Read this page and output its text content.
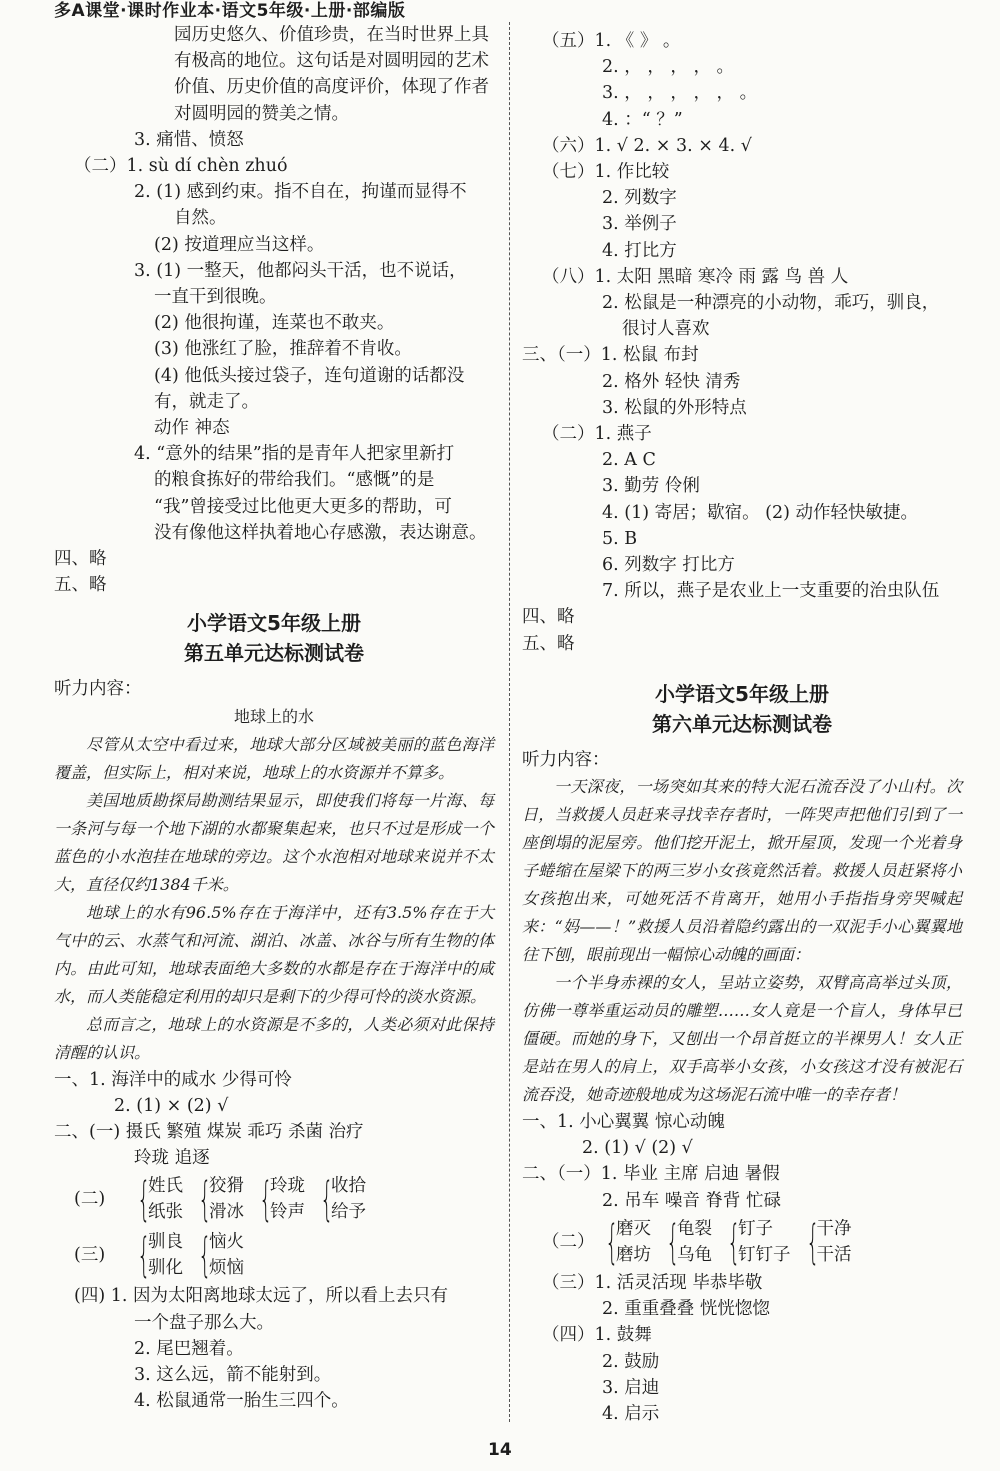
多A课堂·课时作业本·语文5年级·上册·部编版
园历史悠久、价值珍贵，在当时世界上具
有极高的地位。这句话是对圆明园的艺术
价值、历史价值的高度评价，体现了作者
对圆明园的赞美之情。
3. 痛惜、愤怒
（二）1. sù dí chèn zhuó
2. (1) 感到约束。指不自在，拘谨而显得不
自然。
(2) 按道理应当这样。
3. (1) 一整天，他都闷头干活，也不说话，
一直干到很晚。
(2) 他很拘谨，连菜也不敢夹。
(3) 他涨红了脸，推辞着不肯收。
(4) 他低头接过袋子，连句道谢的话都没
有，就走了。
动作 神态
4. “意外的结果”指的是青年人把家里新打
的粮食拣好的带给我们。“感慨”的是
“我”曾接受过比他更大更多的帮助，可
没有像他这样执着地心存感激，表达谢意。
四、略
五、略
小学语文5年级上册
第五单元达标测试卷
听力内容：
地球上的水

尽管从太空中看过来，地球大部分区域被美丽的蓝色海洋覆盖，但实际上，相对来说，地球上的水资源并不算多。

美国地质勘探局勘测结果显示，即使我们将每一片海、每一条河与每一个地下湖的水都聚集起来，也只不过是形成一个蓝色的小水泡挂在地球的旁边。这个水泡相对地球来说并不太大，直径仅约1384千米。

地球上的水有96.5%存在于海洋中，还有3.5%存在于大气中的云、水蒸气和河流、湖泊、冰盖、冰谷与所有生物的体内。由此可知，地球表面绝大多数的水都是存在于海洋中的咸水，而人类能稳定利用的却只是剩下的少得可怜的淡水资源。

总而言之，地球上的水资源是不多的，人类必须对此保持清醒的认识。

一、1. 海洋中的咸水 少得可怜
2. (1) × (2) √
二、(一) 摄氏 繁殖 煤炭 乖巧 杀菌 治疗
玲珑 追逐
(二) {
姓氏
纸张 {
狡猾
滑冰 {
玲珑
铃声 {
收拾
给予
(三) {
驯良
驯化 {
恼火
烦恼
(四) 1. 因为太阳离地球太远了，所以看上去只有
一个盘子那么大。
2. 尾巴翘着。
3. 这么远，箭不能射到。
4. 松鼠通常一胎生三四个。
（五）1. 《 》 。
2. ， ， ， ， 。
3. ， ， ， ， ， 。
4. ：“ ？”
（六）1. √ 2. × 3. × 4. √
（七）1. 作比较
2. 列数字
3. 举例子
4. 打比方
（八）1. 太阳 黑暗 寒冷 雨 露 鸟 兽 人
2. 松鼠是一种漂亮的小动物，乖巧，驯良，
很讨人喜欢
三、（一）1. 松鼠 布封
2. 格外 轻快 清秀
3. 松鼠的外形特点
（二）1. 燕子
2. A C
3. 勤劳 伶俐
4. (1) 寄居；歇宿。 (2) 动作轻快敏捷。
5. B
6. 列数字 打比方
7. 所以，燕子是农业上一支重要的治虫队伍
四、略
五、略
小学语文5年级上册
第六单元达标测试卷
听力内容：

一天深夜，一场突如其来的特大泥石流吞没了小山村。次日，当救援人员赶来寻找幸存者时，一阵哭声把他们引到了一座倒塌的泥屋旁。他们挖开泥土，掀开屋顶，发现一个光着身子蜷缩在屋梁下的两三岁小女孩竟然活着。救援人员赶紧将小女孩抱出来，可她死活不肯离开，她用小手指指身旁哭喊起来：“妈——！”救援人员沿着隐约露出的一双泥手小心翼翼地往下刨，眼前现出一幅惊心动魄的画面：

一个半身赤裸的女人，呈站立姿势，双臂高高举过头顶，仿佛一尊举重运动员的雕塑……女人竟是一个盲人，身体早已僵硬。而她的身下，又刨出一个昂首挺立的半裸男人！女人正是站在男人的肩上，双手高举小女孩，小女孩这才没有被泥石流吞没，她奇迹般地成为这场泥石流中唯一的幸存者！

一、1. 小心翼翼 惊心动魄
2. (1) √ (2) √
二、（一）1. 毕业 主席 启迪 暑假
2. 吊车 噪音 脊背 忙碌
（二） {
磨灭
磨坊 {
龟裂
乌龟 {
钉子
钉钉子 {
干净
干活
（三）1. 活灵活现 毕恭毕敬
2. 重重叠叠 恍恍惚惚
（四）1. 鼓舞
2. 鼓励
3. 启迪
4. 启示
14
